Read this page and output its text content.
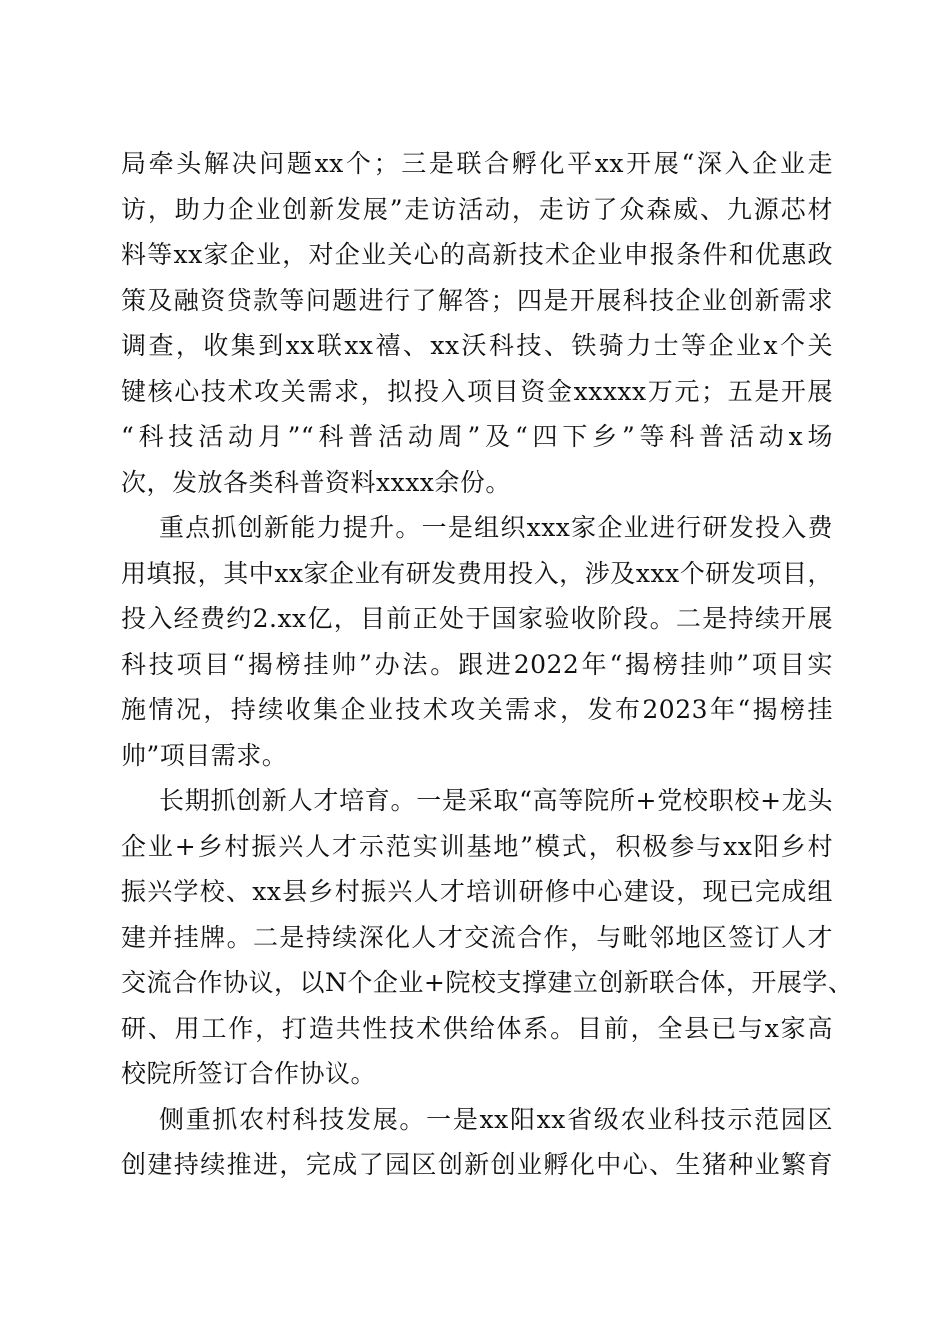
局牵头解决问题xx个；三是联合孵化平xx开展“深入企业走
访，助力企业创新发展”走访活动，走访了众森威、九源芯材
料等xx家企业，对企业关心的高新技术企业申报条件和优惠政
策及融资贷款等问题进行了解答；四是开展科技企业创新需求
调查，收集到xx联xx禧、xx沃科技、铁骑力士等企业x个关
键核心技术攻关需求，拟投入项目资金xxxxx万元；五是开展
“科技活动月”“科普活动周”及“四下乡”等科普活动x场
次，发放各类科普资料xxxx余份。
重点抓创新能力提升。一是组织xxx家企业进行研发投入费
用填报，其中xx家企业有研发费用投入，涉及xxx个研发项目，
投入经费约2.xx亿，目前正处于国家验收阶段。二是持续开展
科技项目“揭榜挂帅”办法。跟进2022年“揭榜挂帅”项目实
施情况，持续收集企业技术攻关需求，发布2023年“揭榜挂
帅”项目需求。
长期抓创新人才培育。一是采取“高等院所+党校职校+龙头
企业+乡村振兴人才示范实训基地”模式，积极参与xx阳乡村
振兴学校、xx县乡村振兴人才培训研修中心建设，现已完成组
建并挂牌。二是持续深化人才交流合作，与毗邻地区签订人才
交流合作协议，以N个企业+院校支撑建立创新联合体，开展学、
研、用工作，打造共性技术供给体系。目前，全县已与x家高
校院所签订合作协议。
侧重抓农村科技发展。一是xx阳xx省级农业科技示范园区
创建持续推进，完成了园区创新创业孵化中心、生猪种业繁育
